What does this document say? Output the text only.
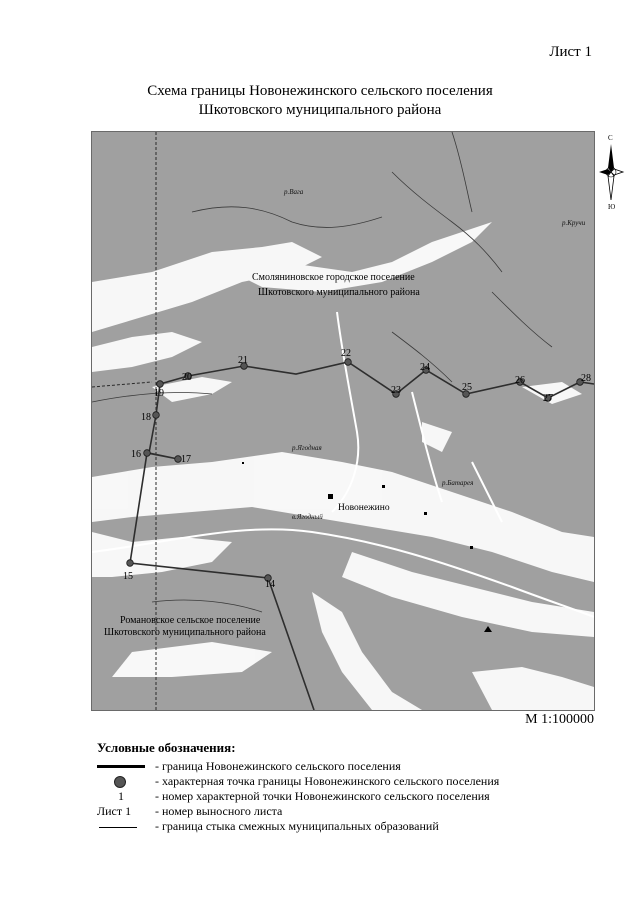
Лист 1
Схема границы Новонежинского сельского поселения
Шкотовского муниципального района
14
15
16	17
18
19
20
21
22
23
24
25
26
27
28
Смоляниновское городское поселение
Шкотовского муниципального района
Романовское сельское поселение
Шкотовского муниципального района
Новонежино
р.Вага
р.Ягодная
р.Батарея
в.Ягодный
р.Кручи
С
Ю
М 1:100000
Условные обозначения:
- граница Новонежинского сельского поселения
- характерная точка границы Новонежинского сельского поселения
1	- номер характерной точки Новонежинского сельского поселения
Лист 1 - номер выносного листа
- граница стыка смежных муниципальных образований
